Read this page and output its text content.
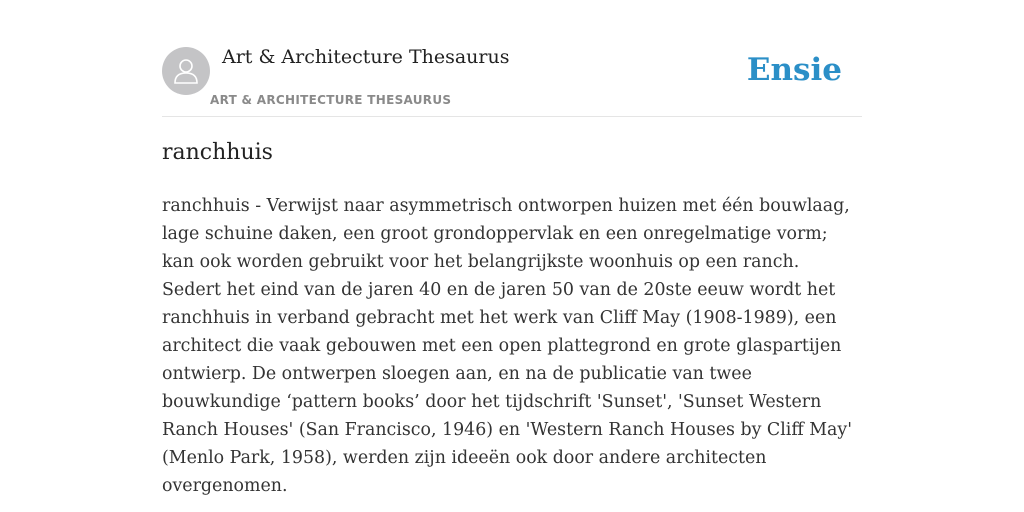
Art & Architecture Thesaurus
ART & ARCHITECTURE THESAURUS
Ensie
ranchhuis

ranchhuis - Verwijst naar asymmetrisch ontworpen huizen met één bouwlaag, lage schuine daken, een groot grondoppervlak en een onregelmatige vorm; kan ook worden gebruikt voor het belangrijkste woonhuis op een ranch. Sedert het eind van de jaren 40 en de jaren 50 van de 20ste eeuw wordt het ranchhuis in verband gebracht met het werk van Cliff May (1908-1989), een architect die vaak gebouwen met een open plattegrond en grote glaspartijen ontwierp. De ontwerpen sloegen aan, en na de publicatie van twee bouwkundige ‘pattern books’ door het tijdschrift 'Sunset', 'Sunset Western Ranch Houses' (San Francisco, 1946) en 'Western Ranch Houses by Cliff May' (Menlo Park, 1958), werden zijn ideeën ook door andere architecten overgenomen.
